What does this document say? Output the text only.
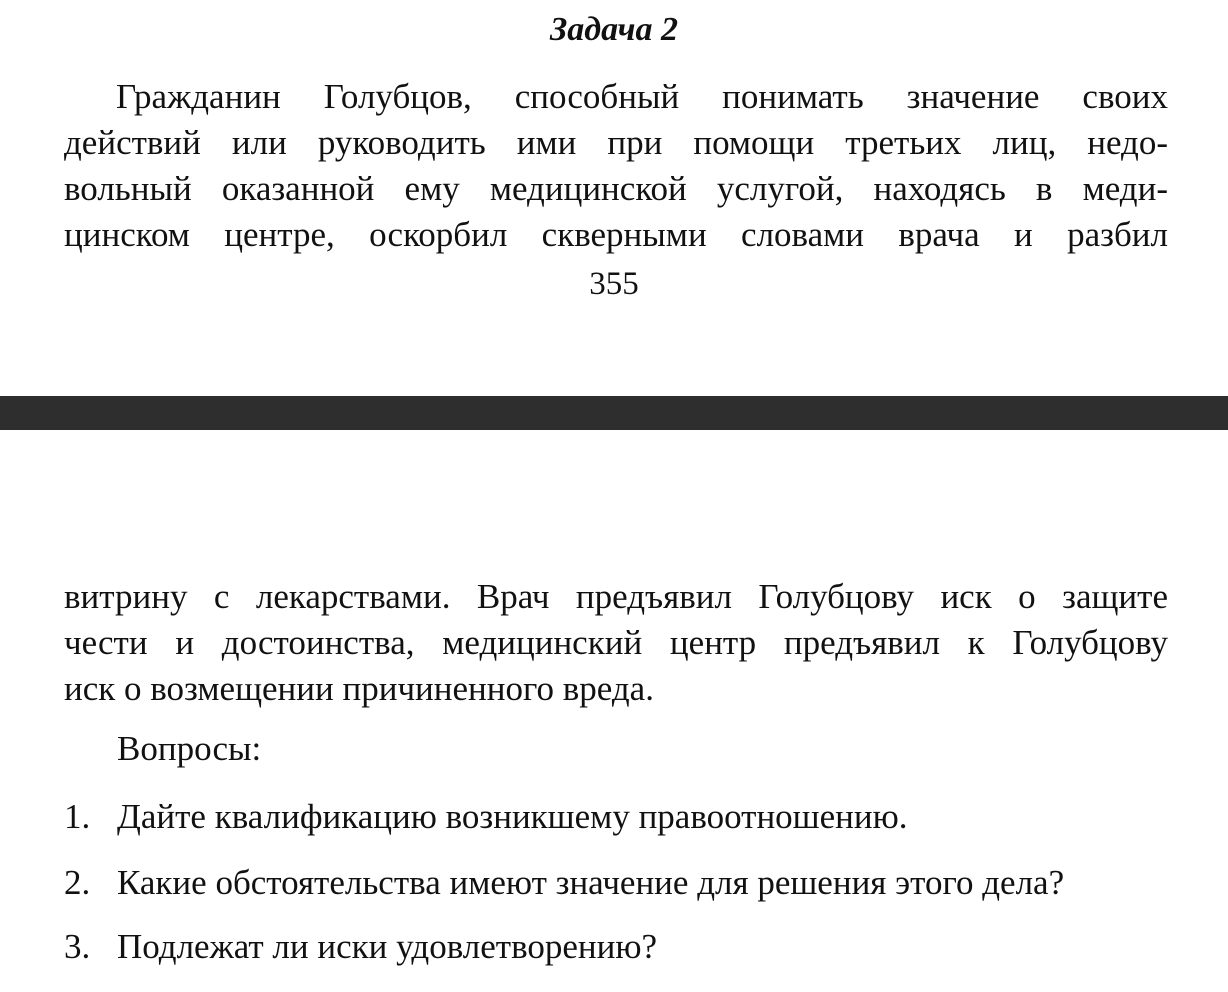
Задача 2
Гражданин Голубцов, способный понимать значение своих
действий или руководить ими при помощи третьих лиц, недо-
вольный оказанной ему медицинской услугой, находясь в меди-
цинском центре, оскорбил скверными словами врача и разбил
355
витрину с лекарствами. Врач предъявил Голубцову иск о защите
чести и достоинства, медицинский центр предъявил к Голубцову
иск о возмещении причиненного вреда.
Вопросы:
1. Дайте квалификацию возникшему правоотношению.
2. Какие обстоятельства имеют значение для решения этого дела?
3. Подлежат ли иски удовлетворению?
